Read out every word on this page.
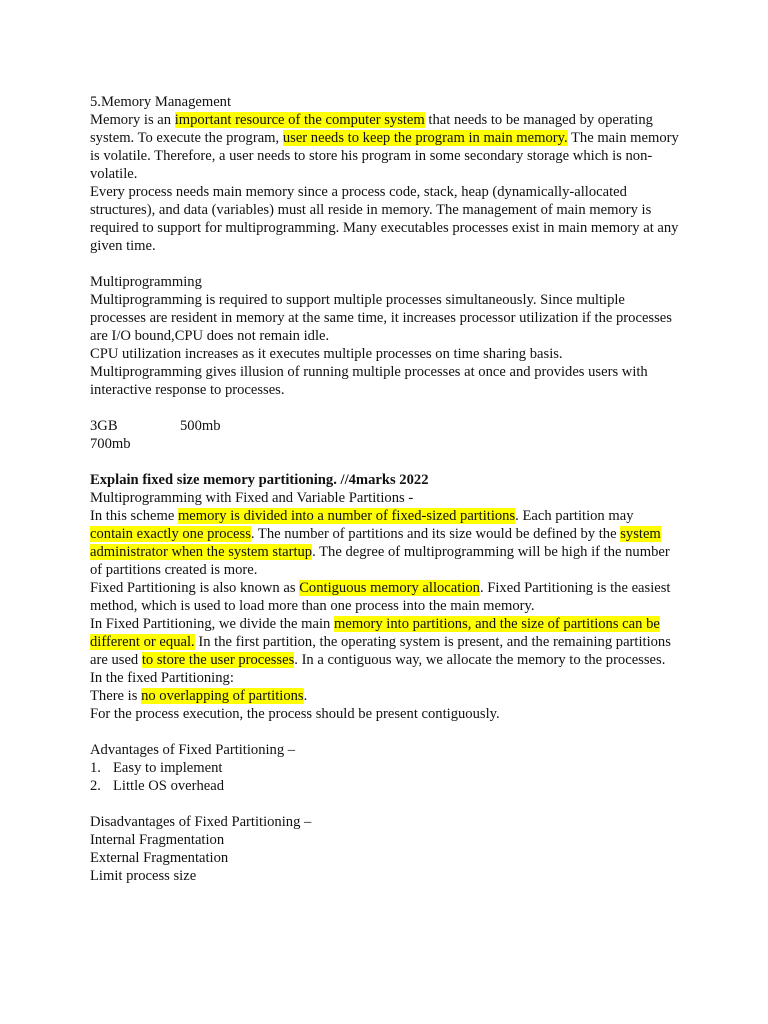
5.Memory Management

Memory is an important resource of the computer system that needs to be managed by operating system. To execute the program, user needs to keep the program in main memory. The main memory is volatile. Therefore, a user needs to store his program in some secondary storage which is non-volatile.

Every process needs main memory since a process code, stack, heap (dynamically-allocated structures), and data (variables) must all reside in memory. The management of main memory is required to support for multiprogramming. Many executables processes exist in main memory at any given time.

Multiprogramming

Multiprogramming is required to support multiple processes simultaneously. Since multiple processes are resident in memory at the same time, it increases processor utilization if the processes are I/O bound,CPU does not remain idle.

CPU utilization increases as it executes multiple processes on time sharing basis.

Multiprogramming gives illusion of running multiple processes at once and provides users with interactive response to processes.

3GB	500mb

700mb

Explain fixed size memory partitioning. //4marks 2022

Multiprogramming with Fixed and Variable Partitions -

In this scheme memory is divided into a number of fixed-sized partitions. Each partition may contain exactly one process. The number of partitions and its size would be defined by the system administrator when the system startup. The degree of multiprogramming will be high if the number of partitions created is more.

Fixed Partitioning is also known as Contiguous memory allocation. Fixed Partitioning is the easiest method, which is used to load more than one process into the main memory.

In Fixed Partitioning, we divide the main memory into partitions, and the size of partitions can be different or equal. In the first partition, the operating system is present, and the remaining partitions are used to store the user processes. In a contiguous way, we allocate the memory to the processes.

In the fixed Partitioning:

There is no overlapping of partitions.

For the process execution, the process should be present contiguously.

Advantages of Fixed Partitioning –

1. Easy to implement
2. Little OS overhead

Disadvantages of Fixed Partitioning –

Internal Fragmentation

External Fragmentation

Limit process size
